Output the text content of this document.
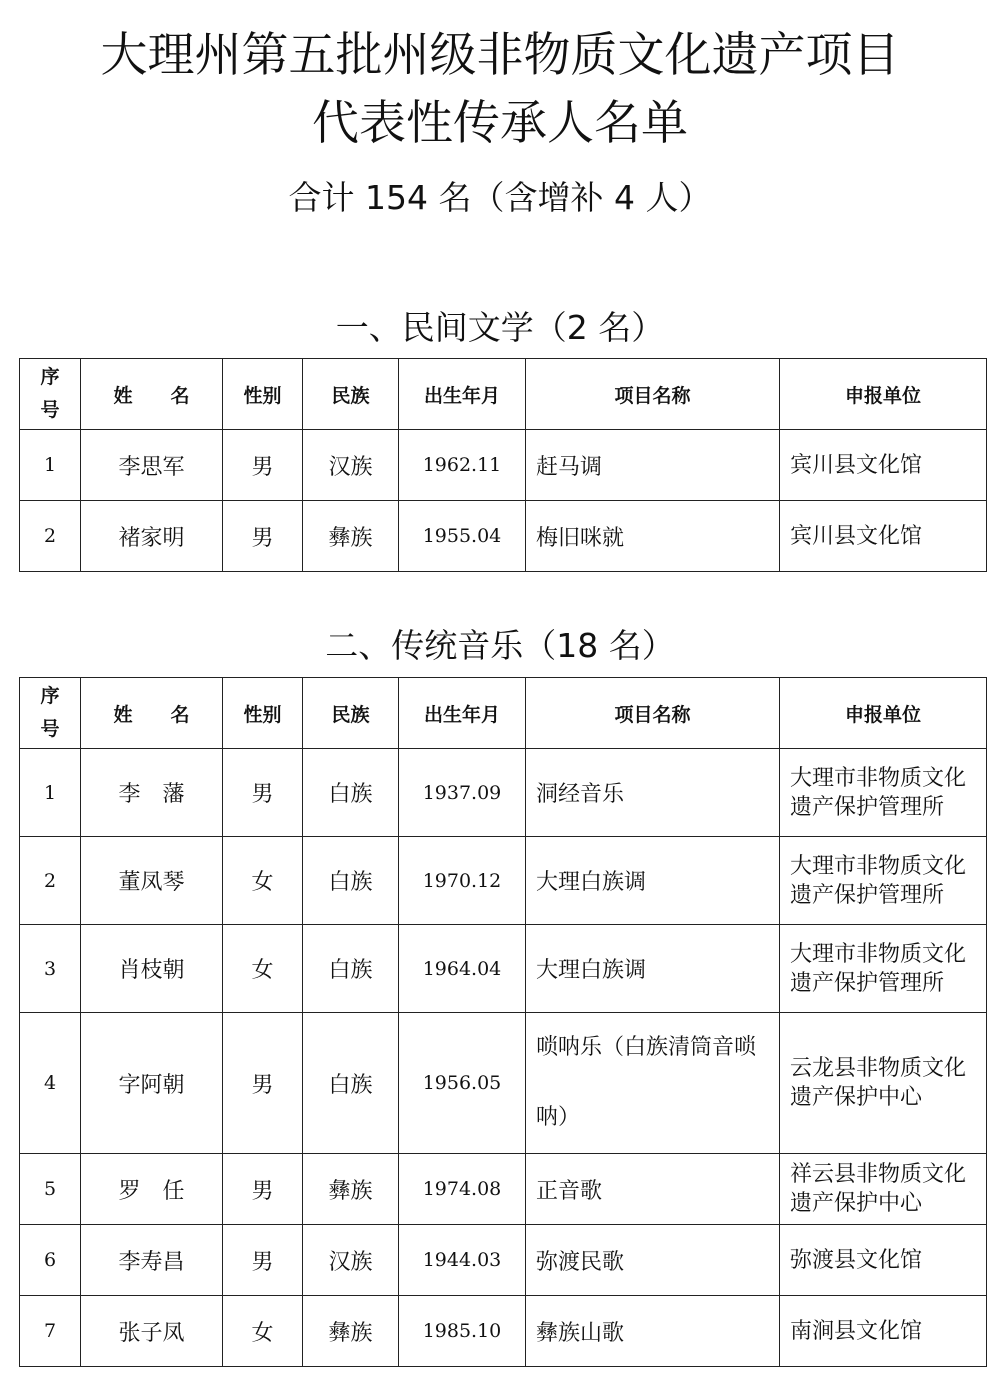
大理州第五批州级非物质文化遗产项目
代表性传承人名单
合计 154 名（含增补 4 人）
一、民间文学（2 名）
序
号	姓　　名	性别	民族	出生年月	项目名称	申报单位
1	李思军	男	汉族	1962.11	赶马调	宾川县文化馆
2	褚家明	男	彝族	1955.04	梅旧咪就	宾川县文化馆
二、传统音乐（18 名）
序
号	姓　　名	性别	民族	出生年月	项目名称	申报单位
1	李　藩	男	白族	1937.09	洞经音乐	大理市非物质文化遗产保护管理所
2	董凤琴	女	白族	1970.12	大理白族调	大理市非物质文化遗产保护管理所
3	肖枝朝	女	白族	1964.04	大理白族调	大理市非物质文化遗产保护管理所
4	字阿朝	男	白族	1956.05	唢呐乐（白族清筒音唢呐）	云龙县非物质文化遗产保护中心
5	罗　任	男	彝族	1974.08	正音歌	祥云县非物质文化遗产保护中心
6	李寿昌	男	汉族	1944.03	弥渡民歌	弥渡县文化馆
7	张子凤	女	彝族	1985.10	彝族山歌	南涧县文化馆
